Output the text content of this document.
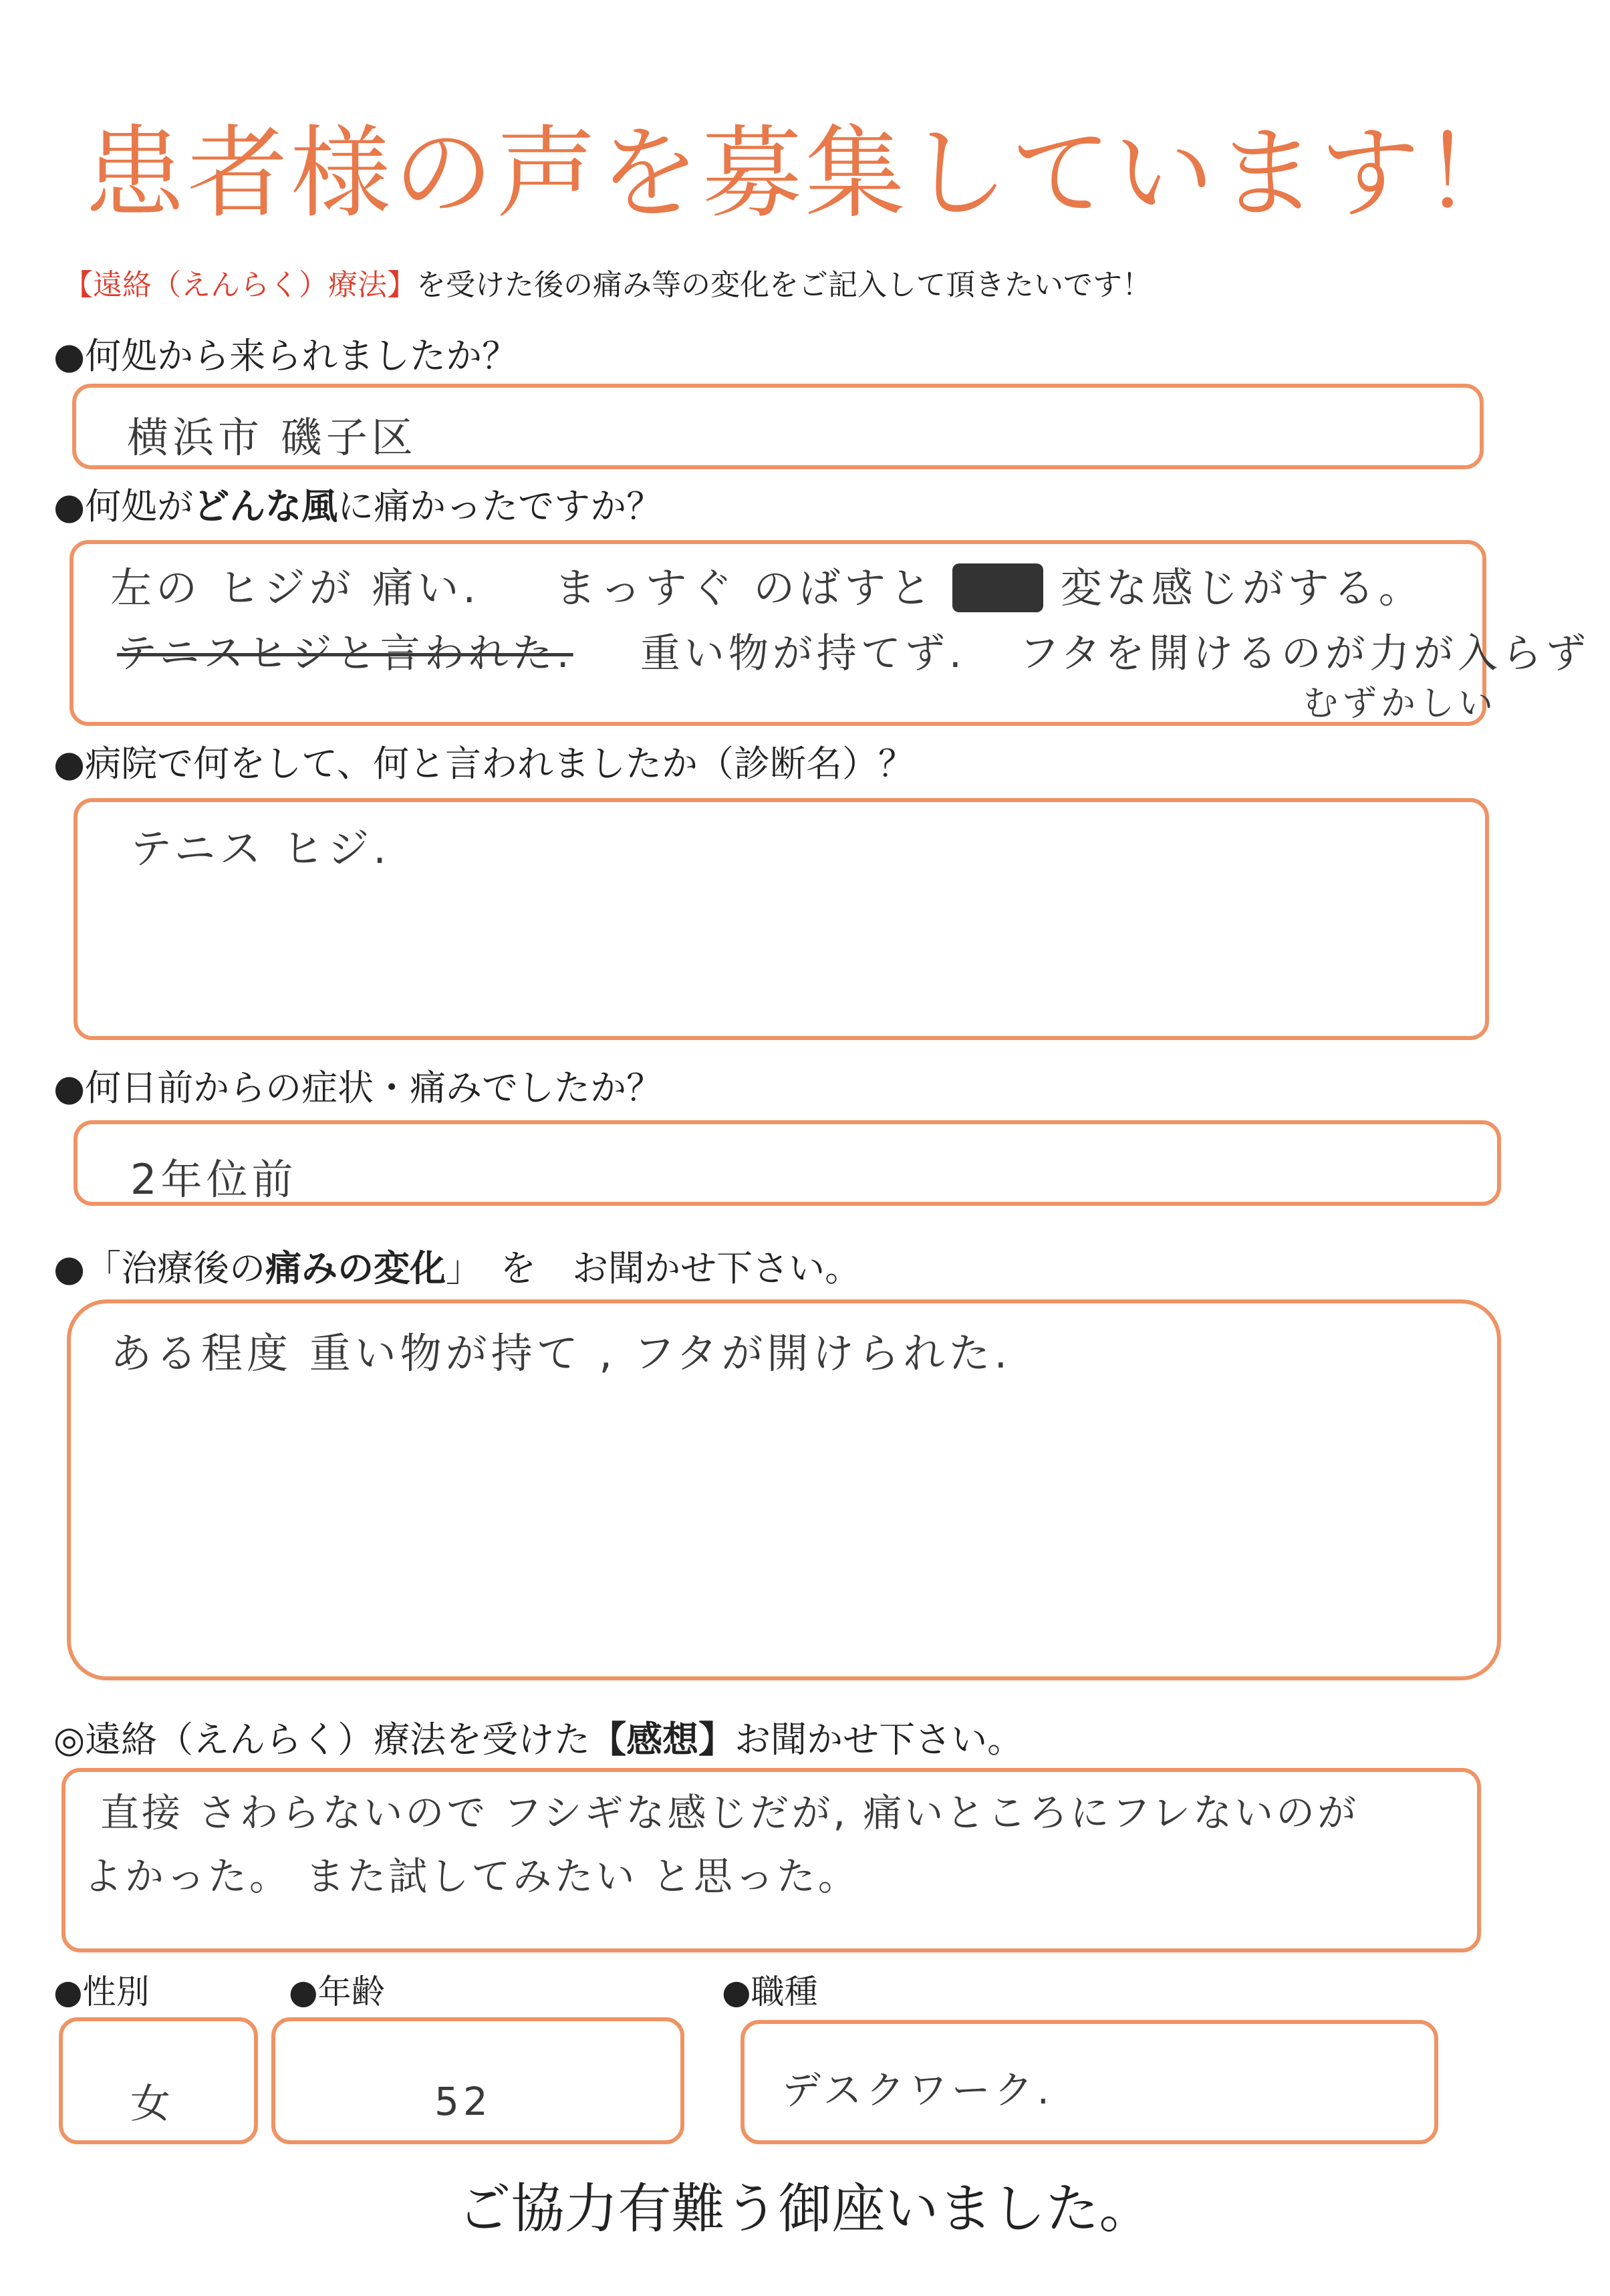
患者様の声を募集しています！
【遠絡（えんらく）療法】を受けた後の痛み等の変化をご記入して頂きたいです！
●何処から来られましたか？
横浜市 磯子区
●何処がどんな風に痛かったですか？
左の ヒジが 痛い. まっすぐ のばすと 　　	変な感じがする。
テニスヒジと言われた. 重い物が持てず. フタを開けるのが力が入らず
むずかしい
●病院で何をして、何と言われましたか（診断名）？
テニス ヒジ.
●何日前からの症状・痛みでしたか？
2年位前
●「治療後の痛みの変化」　を　お聞かせ下さい。
ある程度 重い物が持て , フタが開けられた.
◎遠絡（えんらく）療法を受けた【感想】お聞かせ下さい。
直接 さわらないので フシギな感じだが, 痛いところにフレないのが
よかった。 また試してみたい と思った。
●性別	●年齢	●職種
女	52	デスクワーク.
ご協力有難う御座いました。
